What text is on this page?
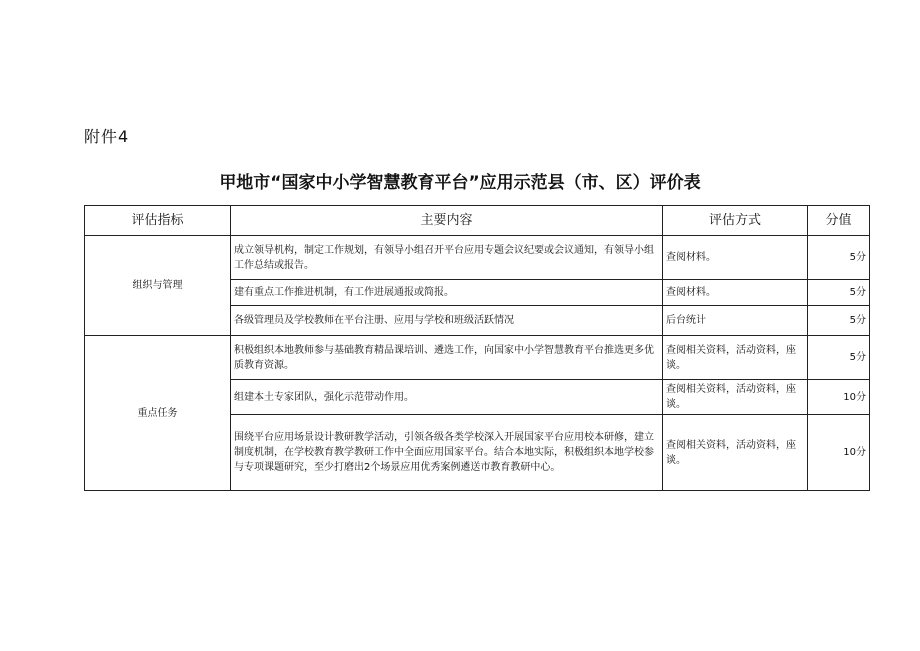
附件4
甲地市“国家中小学智慧教育平台”应用示范县（市、区）评价表
评估指标	主要内容	评估方式	分值
组织与管理	成立领导机构，制定工作规划，有领导小组召开平台应用专题会议纪要或会议通知，有领导小组工作总结或报告。	查阅材料。	5分
	建有重点工作推进机制，有工作进展通报或简报。	查阅材料。	5分
	各级管理员及学校教师在平台注册、应用与学校和班级活跃情况	后台统计	5分
重点任务	积极组织本地教师参与基础教育精品课培训、遴选工作，向国家中小学智慧教育平台推选更多优质教育资源。	查阅相关资料，活动资料，座谈。	5分
	组建本土专家团队，强化示范带动作用。	查阅相关资料，活动资料，座谈。	10分
	围绕平台应用场景设计教研教学活动，引领各级各类学校深入开展国家平台应用校本研修，建立制度机制，在学校教育教学教研工作中全面应用国家平台。结合本地实际，积极组织本地学校参与专项课题研究，至少打磨出2个场景应用优秀案例遴送市教育教研中心。	查阅相关资料，活动资料，座谈。	10分
